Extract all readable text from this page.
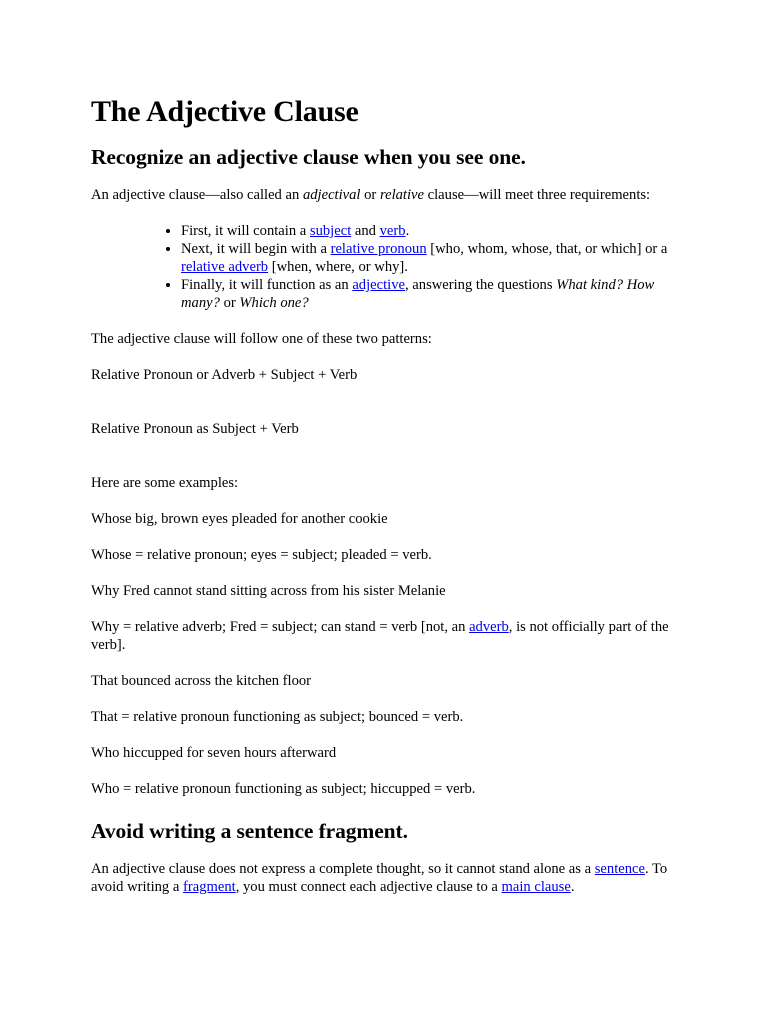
The Adjective Clause
Recognize an adjective clause when you see one.

An adjective clause—also called an adjectival or relative clause—will meet three requirements:

• First, it will contain a subject and verb.
• Next, it will begin with a relative pronoun [who, whom, whose, that, or which] or a relative adverb [when, where, or why].
• Finally, it will function as an adjective, answering the questions What kind? How many? or Which one?

The adjective clause will follow one of these two patterns:

Relative Pronoun or Adverb + Subject + Verb

Relative Pronoun as Subject + Verb

Here are some examples:

Whose big, brown eyes pleaded for another cookie

Whose = relative pronoun; eyes = subject; pleaded = verb.

Why Fred cannot stand sitting across from his sister Melanie

Why = relative adverb; Fred = subject; can stand = verb [not, an adverb, is not officially part of the verb].

That bounced across the kitchen floor

That = relative pronoun functioning as subject; bounced = verb.

Who hiccupped for seven hours afterward

Who = relative pronoun functioning as subject; hiccupped = verb.

Avoid writing a sentence fragment.

An adjective clause does not express a complete thought, so it cannot stand alone as a sentence. To avoid writing a fragment, you must connect each adjective clause to a main clause.
